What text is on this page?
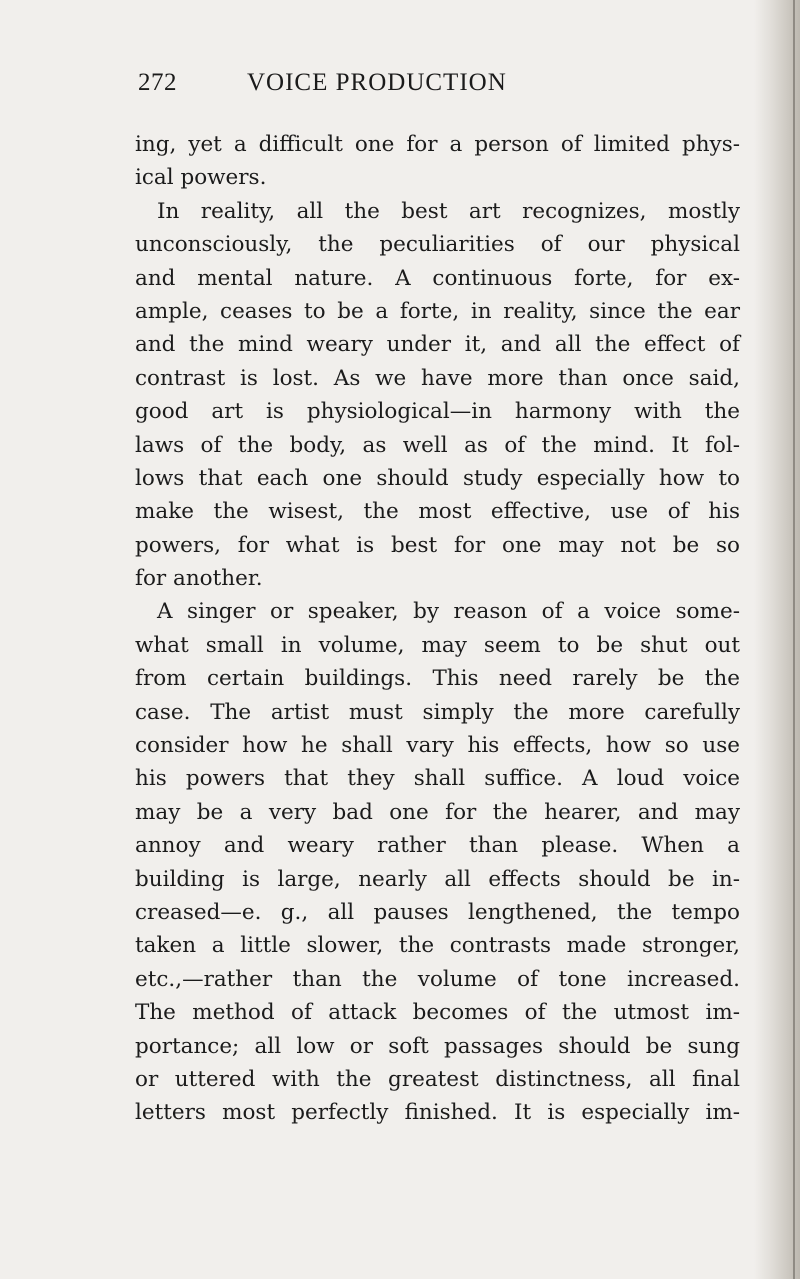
272	VOICE PRODUCTION
ing, yet a difficult one for a person of limited phys-
ical powers.
In reality, all the best art recognizes, mostly
unconsciously, the peculiarities of our physical
and mental nature. A continuous forte, for ex-
ample, ceases to be a forte, in reality, since the ear
and the mind weary under it, and all the effect of
contrast is lost. As we have more than once said,
good art is physiological—in harmony with the
laws of the body, as well as of the mind. It fol-
lows that each one should study especially how to
make the wisest, the most effective, use of his
powers, for what is best for one may not be so
for another.
A singer or speaker, by reason of a voice some-
what small in volume, may seem to be shut out
from certain buildings. This need rarely be the
case. The artist must simply the more carefully
consider how he shall vary his effects, how so use
his powers that they shall suffice. A loud voice
may be a very bad one for the hearer, and may
annoy and weary rather than please. When a
building is large, nearly all effects should be in-
creased—e. g., all pauses lengthened, the tempo
taken a little slower, the contrasts made stronger,
etc.,—rather than the volume of tone increased.
The method of attack becomes of the utmost im-
portance; all low or soft passages should be sung
or uttered with the greatest distinctness, all final
letters most perfectly finished. It is especially im-
